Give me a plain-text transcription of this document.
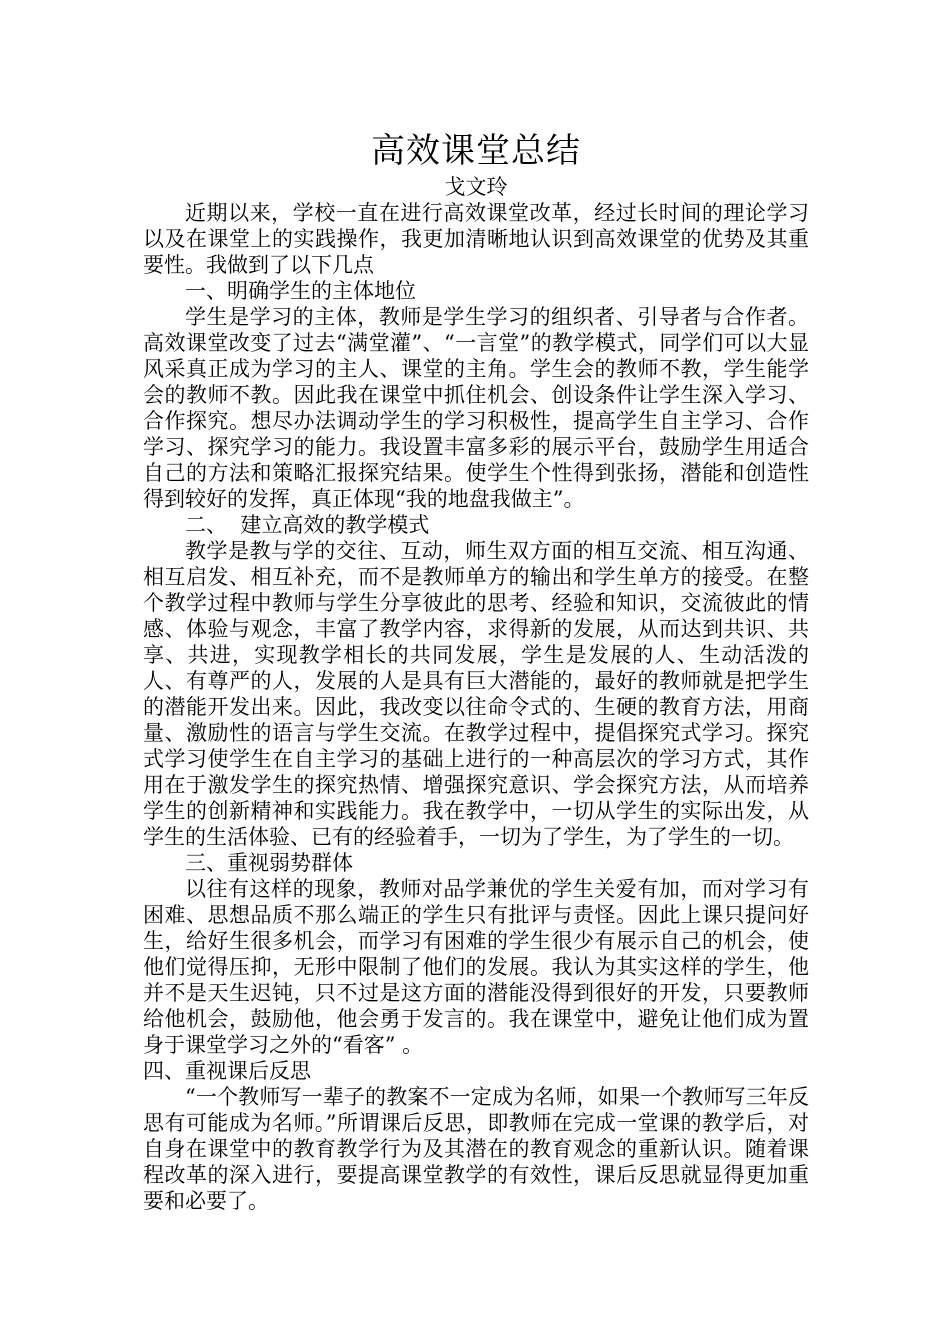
高效课堂总结

戈文玲

近期以来，学校一直在进行高效课堂改革，经过长时间的理论学习以及在课堂上的实践操作，我更加清晰地认识到高效课堂的优势及其重要性。我做到了以下几点

一、明确学生的主体地位

学生是学习的主体，教师是学生学习的组织者、引导者与合作者。高效课堂改变了过去“满堂灌”、“一言堂”的教学模式，同学们可以大显风采真正成为学习的主人、课堂的主角。学生会的教师不教，学生能学会的教师不教。因此我在课堂中抓住机会、创设条件让学生深入学习、合作探究。想尽办法调动学生的学习积极性，提高学生自主学习、合作学习、探究学习的能力。我设置丰富多彩的展示平台，鼓励学生用适合自己的方法和策略汇报探究结果。使学生个性得到张扬，潜能和创造性得到较好的发挥，真正体现“我的地盘我做主”。

二、  建立高效的教学模式

教学是教与学的交往、互动，师生双方面的相互交流、相互沟通、相互启发、相互补充，而不是教师单方的输出和学生单方的接受。在整个教学过程中教师与学生分享彼此的思考、经验和知识，交流彼此的情感、体验与观念，丰富了教学内容，求得新的发展，从而达到共识、共享、共进，实现教学相长的共同发展，学生是发展的人、生动活泼的人、有尊严的人，发展的人是具有巨大潜能的，最好的教师就是把学生的潜能开发出来。因此，我改变以往命令式的、生硬的教育方法，用商量、激励性的语言与学生交流。在教学过程中，提倡探究式学习。探究式学习使学生在自主学习的基础上进行的一种高层次的学习方式，其作用在于激发学生的探究热情、增强探究意识、学会探究方法，从而培养学生的创新精神和实践能力。我在教学中，一切从学生的实际出发，从学生的生活体验、已有的经验着手，一切为了学生，为了学生的一切。

三、重视弱势群体

以往有这样的现象，教师对品学兼优的学生关爱有加，而对学习有困难、思想品质不那么端正的学生只有批评与责怪。因此上课只提问好生，给好生很多机会，而学习有困难的学生很少有展示自己的机会，使他们觉得压抑，无形中限制了他们的发展。我认为其实这样的学生，他并不是天生迟钝，只不过是这方面的潜能没得到很好的开发，只要教师给他机会，鼓励他，他会勇于发言的。我在课堂中，避免让他们成为置身于课堂学习之外的“看客” 。

四、重视课后反思

“一个教师写一辈子的教案不一定成为名师，如果一个教师写三年反思有可能成为名师。”所谓课后反思，即教师在完成一堂课的教学后，对自身在课堂中的教育教学行为及其潜在的教育观念的重新认识。随着课程改革的深入进行，要提高课堂教学的有效性，课后反思就显得更加重要和必要了。
